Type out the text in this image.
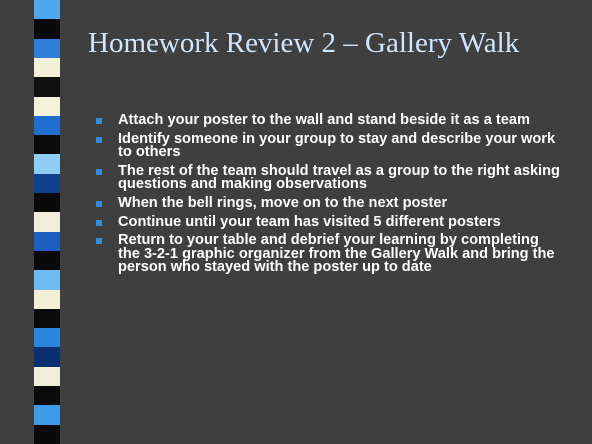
Homework Review 2 – Gallery Walk
Attach your poster to the wall and stand beside it as a team
Identify someone in your group to stay and describe your work to others
The rest of the team should travel as a group to the right asking questions and making observations
When the bell rings, move on to the next poster
Continue until your team has visited 5 different posters
Return to your table and debrief your learning by completing the 3-2-1 graphic organizer from the Gallery Walk and bring the person who stayed with the poster up to date
